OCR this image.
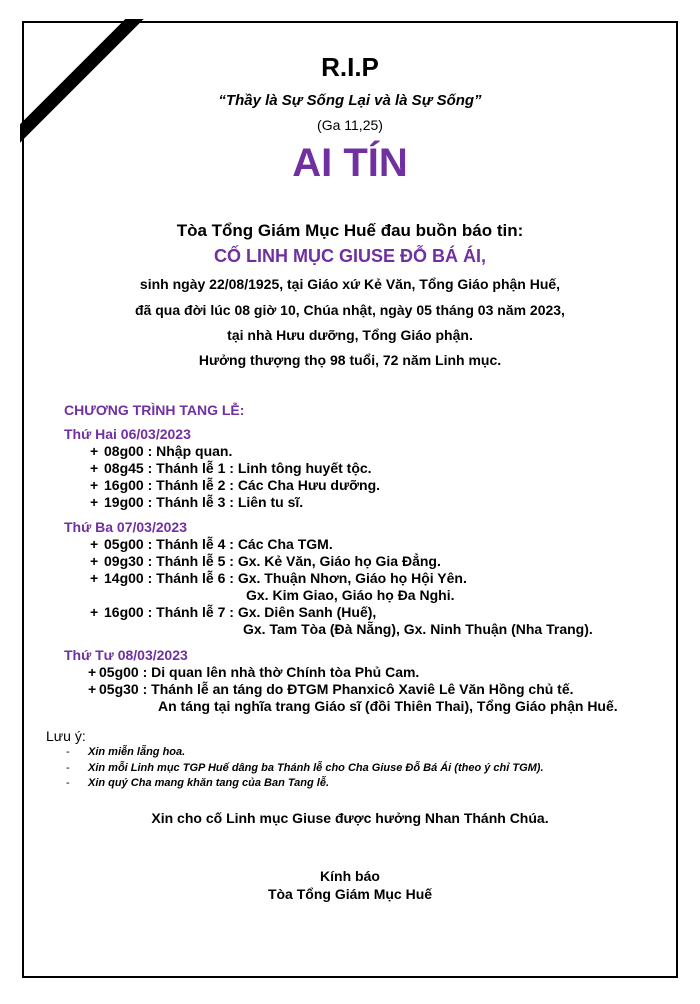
R.I.P
“Thầy là Sự Sống Lại và là Sự Sống”
(Ga 11,25)
AI TÍN
Tòa Tổng Giám Mục Huế đau buồn báo tin:
CỐ LINH MỤC GIUSE ĐỖ BÁ ÁI,
sinh ngày 22/08/1925, tại Giáo xứ Kẻ Văn, Tổng Giáo phận Huế,
đã qua đời lúc 08 giờ 10, Chúa nhật, ngày 05 tháng 03 năm 2023,
tại nhà Hưu dưỡng, Tổng Giáo phận.
Hưởng thượng thọ 98 tuổi, 72 năm Linh mục.
CHƯƠNG TRÌNH TANG LỄ:
Thứ Hai 06/03/2023
+ 08g00 : Nhập quan.
+ 08g45 : Thánh lễ 1 : Linh tông huyết tộc.
+ 16g00 : Thánh lễ 2 : Các Cha Hưu dưỡng.
+ 19g00 : Thánh lễ 3 : Liên tu sĩ.
Thứ Ba 07/03/2023
+ 05g00 : Thánh lễ 4 : Các Cha TGM.
+ 09g30 : Thánh lễ 5 : Gx. Kẻ Văn, Giáo họ Gia Đẳng.
+ 14g00 : Thánh lễ 6 : Gx. Thuận Nhơn, Giáo họ Hội Yên.
Gx. Kim Giao, Giáo họ Đa Nghi.
+ 16g00 : Thánh lễ 7 : Gx. Diên Sanh (Huế),
Gx. Tam Tòa (Đà Nẵng), Gx. Ninh Thuận (Nha Trang).
Thứ Tư 08/03/2023
+ 05g00 : Di quan lên nhà thờ Chính tòa Phủ Cam.
+ 05g30 : Thánh lễ an táng do ĐTGM Phanxicô Xaviê Lê Văn Hồng chủ tế.
An táng tại nghĩa trang Giáo sĩ (đồi Thiên Thai), Tổng Giáo phận Huế.
Lưu ý:
- Xin miễn lẵng hoa.
- Xin mỗi Linh mục TGP Huế dâng ba Thánh lễ cho Cha Giuse Đỗ Bá Ái (theo ý chỉ TGM).
- Xin quý Cha mang khăn tang của Ban Tang lễ.
Xin cho cố Linh mục Giuse được hưởng Nhan Thánh Chúa.
Kính báo
Tòa Tổng Giám Mục Huế
